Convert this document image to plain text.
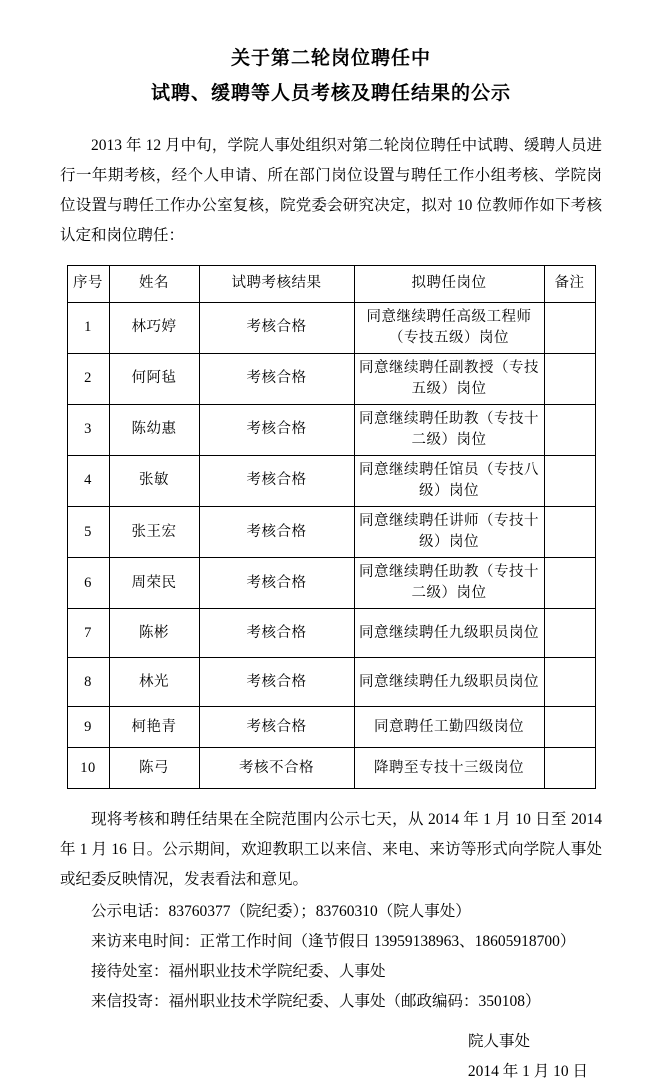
关于第二轮岗位聘任中
试聘、缓聘等人员考核及聘任结果的公示

2013 年 12 月中旬，学院人事处组织对第二轮岗位聘任中试聘、缓聘人员进行一年期考核，经个人申请、所在部门岗位设置与聘任工作小组考核、学院岗位设置与聘任工作办公室复核，院党委会研究决定，拟对 10 位教师作如下考核认定和岗位聘任：

序号	姓名	试聘考核结果	拟聘任岗位	备注
1	林巧婷	考核合格	同意继续聘任高级工程师（专技五级）岗位	
2	何阿毡	考核合格	同意继续聘任副教授（专技五级）岗位	
3	陈幼惠	考核合格	同意继续聘任助教（专技十二级）岗位	
4	张敏	考核合格	同意继续聘任馆员（专技八级）岗位	
5	张王宏	考核合格	同意继续聘任讲师（专技十级）岗位	
6	周荣民	考核合格	同意继续聘任助教（专技十二级）岗位	
7	陈彬	考核合格	同意继续聘任九级职员岗位	
8	林光	考核合格	同意继续聘任九级职员岗位	
9	柯艳青	考核合格	同意聘任工勤四级岗位	
10	陈弓	考核不合格	降聘至专技十三级岗位	

现将考核和聘任结果在全院范围内公示七天，从 2014 年 1 月 10 日至 2014 年 1 月 16 日。公示期间，欢迎教职工以来信、来电、来访等形式向学院人事处或纪委反映情况，发表看法和意见。

公示电话：83760377（院纪委）；83760310（院人事处）

来访来电时间：正常工作时间（逢节假日 13959138963、18605918700）

接待处室：福州职业技术学院纪委、人事处

来信投寄：福州职业技术学院纪委、人事处（邮政编码：350108）

院人事处
2014 年 1 月 10 日
